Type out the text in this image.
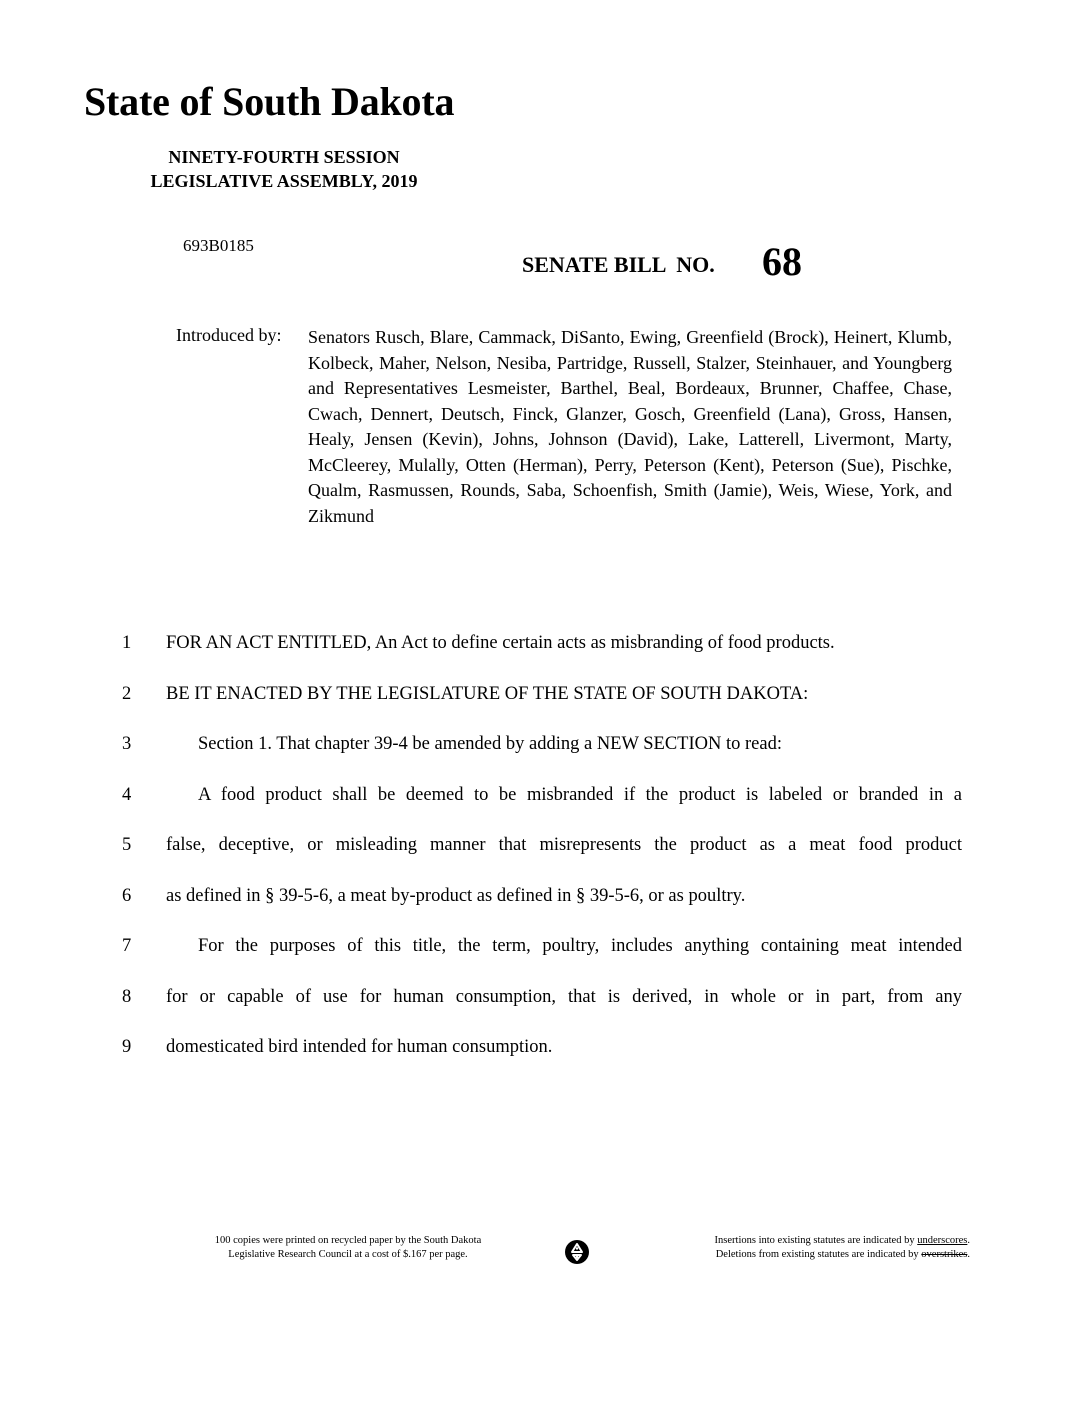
State of South Dakota
NINETY-FOURTH SESSION
LEGISLATIVE ASSEMBLY, 2019
693B0185
SENATE BILL  NO. 68
Introduced by: Senators Rusch, Blare, Cammack, DiSanto, Ewing, Greenfield (Brock), Heinert, Klumb, Kolbeck, Maher, Nelson, Nesiba, Partridge, Russell, Stalzer, Steinhauer, and Youngberg and Representatives Lesmeister, Barthel, Beal, Bordeaux, Brunner, Chaffee, Chase, Cwach, Dennert, Deutsch, Finck, Glanzer, Gosch, Greenfield (Lana), Gross, Hansen, Healy, Jensen (Kevin), Johns, Johnson (David), Lake, Latterell, Livermont, Marty, McCleerey, Mulally, Otten (Herman), Perry, Peterson (Kent), Peterson (Sue), Pischke, Qualm, Rasmussen, Rounds, Saba, Schoenfish, Smith (Jamie), Weis, Wiese, York, and Zikmund
1	FOR AN ACT ENTITLED, An Act to define certain acts as misbranding of food products.
2	BE IT ENACTED BY THE LEGISLATURE OF THE STATE OF SOUTH DAKOTA:
3	Section 1. That chapter 39-4 be amended by adding a NEW SECTION to read:
4	A food product shall be deemed to be misbranded if the product is labeled or branded in a
5	false, deceptive, or misleading manner that misrepresents the product as a meat food product
6	as defined in § 39-5-6, a meat by-product as defined in § 39-5-6, or as poultry.
7	For the purposes of this title, the term, poultry, includes anything containing meat intended
8	for or capable of use for human consumption, that is derived, in whole or in part, from any
9	domesticated bird intended for human consumption.
100 copies were printed on recycled paper by the South Dakota
Legislative Research Council at a cost of $.167 per page.
Insertions into existing statutes are indicated by underscores.
Deletions from existing statutes are indicated by overstrikes.
